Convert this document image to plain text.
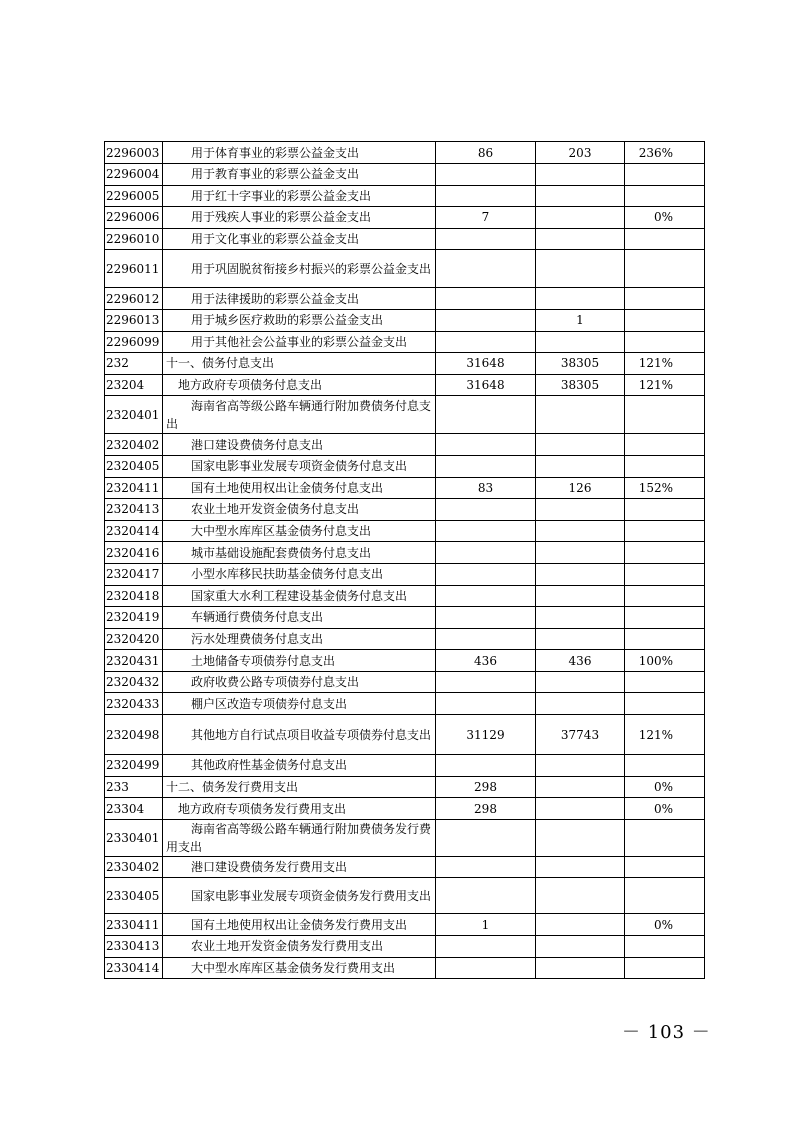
2296003	用于体育事业的彩票公益金支出	86	203	236%
2296004	用于教育事业的彩票公益金支出			

2296005	用于红十字事业的彩票公益金支出			

2296006	用于残疾人事业的彩票公益金支出	7		0%
2296010	用于文化事业的彩票公益金支出			

2296011	用于巩固脱贫衔接乡村振兴的彩票公益金支出			

2296012	用于法律援助的彩票公益金支出			

2296013	用于城乡医疗救助的彩票公益金支出		1	
2296099	用于其他社会公益事业的彩票公益金支出			

232	十一、债务付息支出	31648	38305	121%
23204	地方政府专项债务付息支出	31648	38305	121%
2320401	海南省高等级公路车辆通行附加费债务付息支出			

2320402	港口建设费债务付息支出			

2320405	国家电影事业发展专项资金债务付息支出			

2320411	国有土地使用权出让金债务付息支出	83	126	152%
2320413	农业土地开发资金债务付息支出			

2320414	大中型水库库区基金债务付息支出			

2320416	城市基础设施配套费债务付息支出			

2320417	小型水库移民扶助基金债务付息支出			

2320418	国家重大水利工程建设基金债务付息支出			

2320419	车辆通行费债务付息支出			

2320420	污水处理费债务付息支出			

2320431	土地储备专项债券付息支出	436	436	100%
2320432	政府收费公路专项债券付息支出			

2320433	棚户区改造专项债券付息支出			

2320498	其他地方自行试点项目收益专项债券付息支出	31129	37743	121%
2320499	其他政府性基金债务付息支出			

233	十二、债务发行费用支出	298		0%
23304	地方政府专项债务发行费用支出	298		0%
2330401	海南省高等级公路车辆通行附加费债务发行费用支出			

2330402	港口建设费债务发行费用支出			

2330405	国家电影事业发展专项资金债务发行费用支出			

2330411	国有土地使用权出让金债务发行费用支出	1		0%
2330413	农业土地开发资金债务发行费用支出			

2330414	大中型水库库区基金债务发行费用支出			

－ 103 －
